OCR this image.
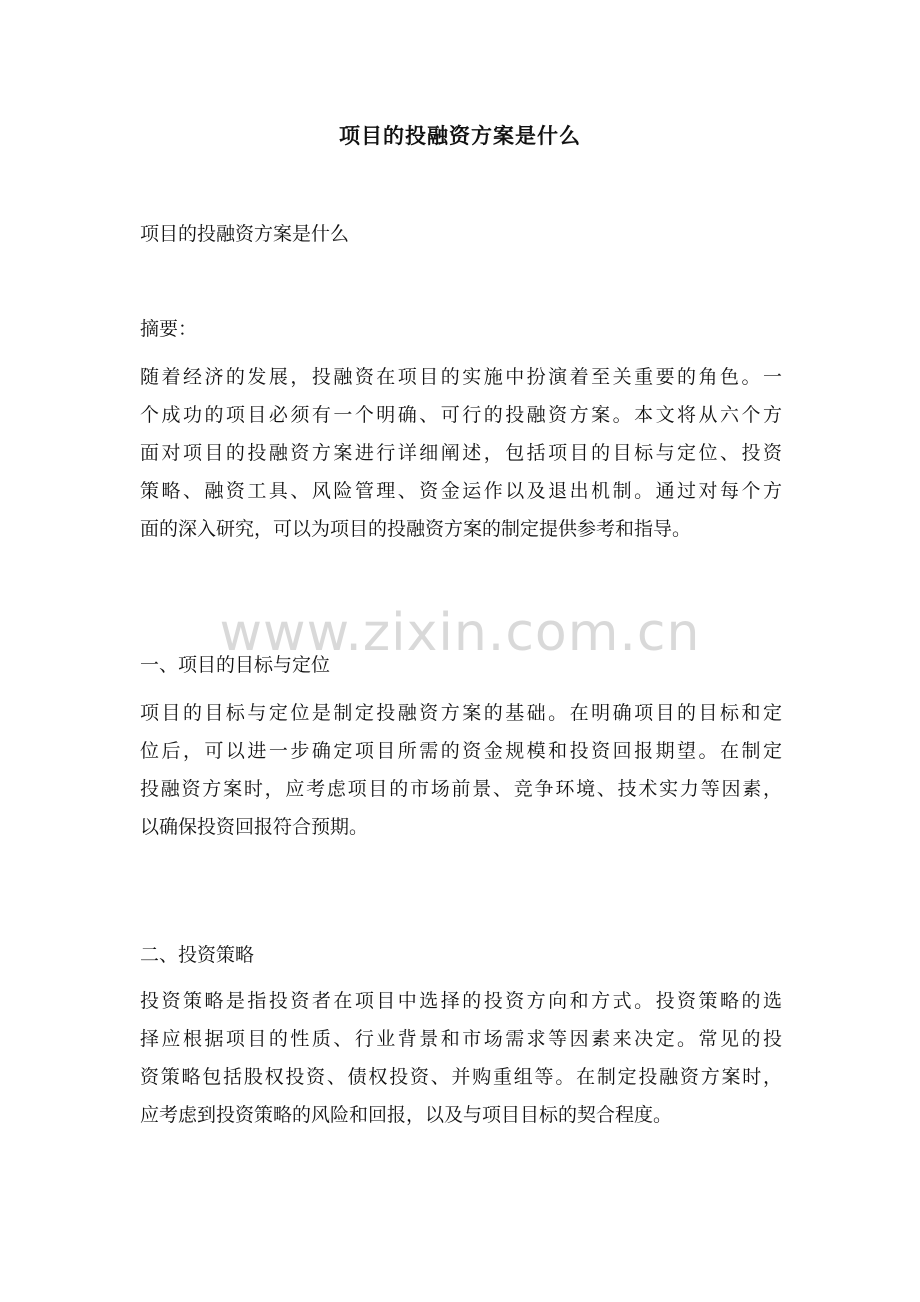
项目的投融资方案是什么
项目的投融资方案是什么
摘要：
随着经济的发展，投融资在项目的实施中扮演着至关重要的角色。一
个成功的项目必须有一个明确、可行的投融资方案。本文将从六个方
面对项目的投融资方案进行详细阐述，包括项目的目标与定位、投资
策略、融资工具、风险管理、资金运作以及退出机制。通过对每个方
面的深入研究，可以为项目的投融资方案的制定提供参考和指导。
www.zixin.com.cn
一、项目的目标与定位
项目的目标与定位是制定投融资方案的基础。在明确项目的目标和定
位后，可以进一步确定项目所需的资金规模和投资回报期望。在制定
投融资方案时，应考虑项目的市场前景、竞争环境、技术实力等因素，
以确保投资回报符合预期。
二、投资策略
投资策略是指投资者在项目中选择的投资方向和方式。投资策略的选
择应根据项目的性质、行业背景和市场需求等因素来决定。常见的投
资策略包括股权投资、债权投资、并购重组等。在制定投融资方案时，
应考虑到投资策略的风险和回报，以及与项目目标的契合程度。
